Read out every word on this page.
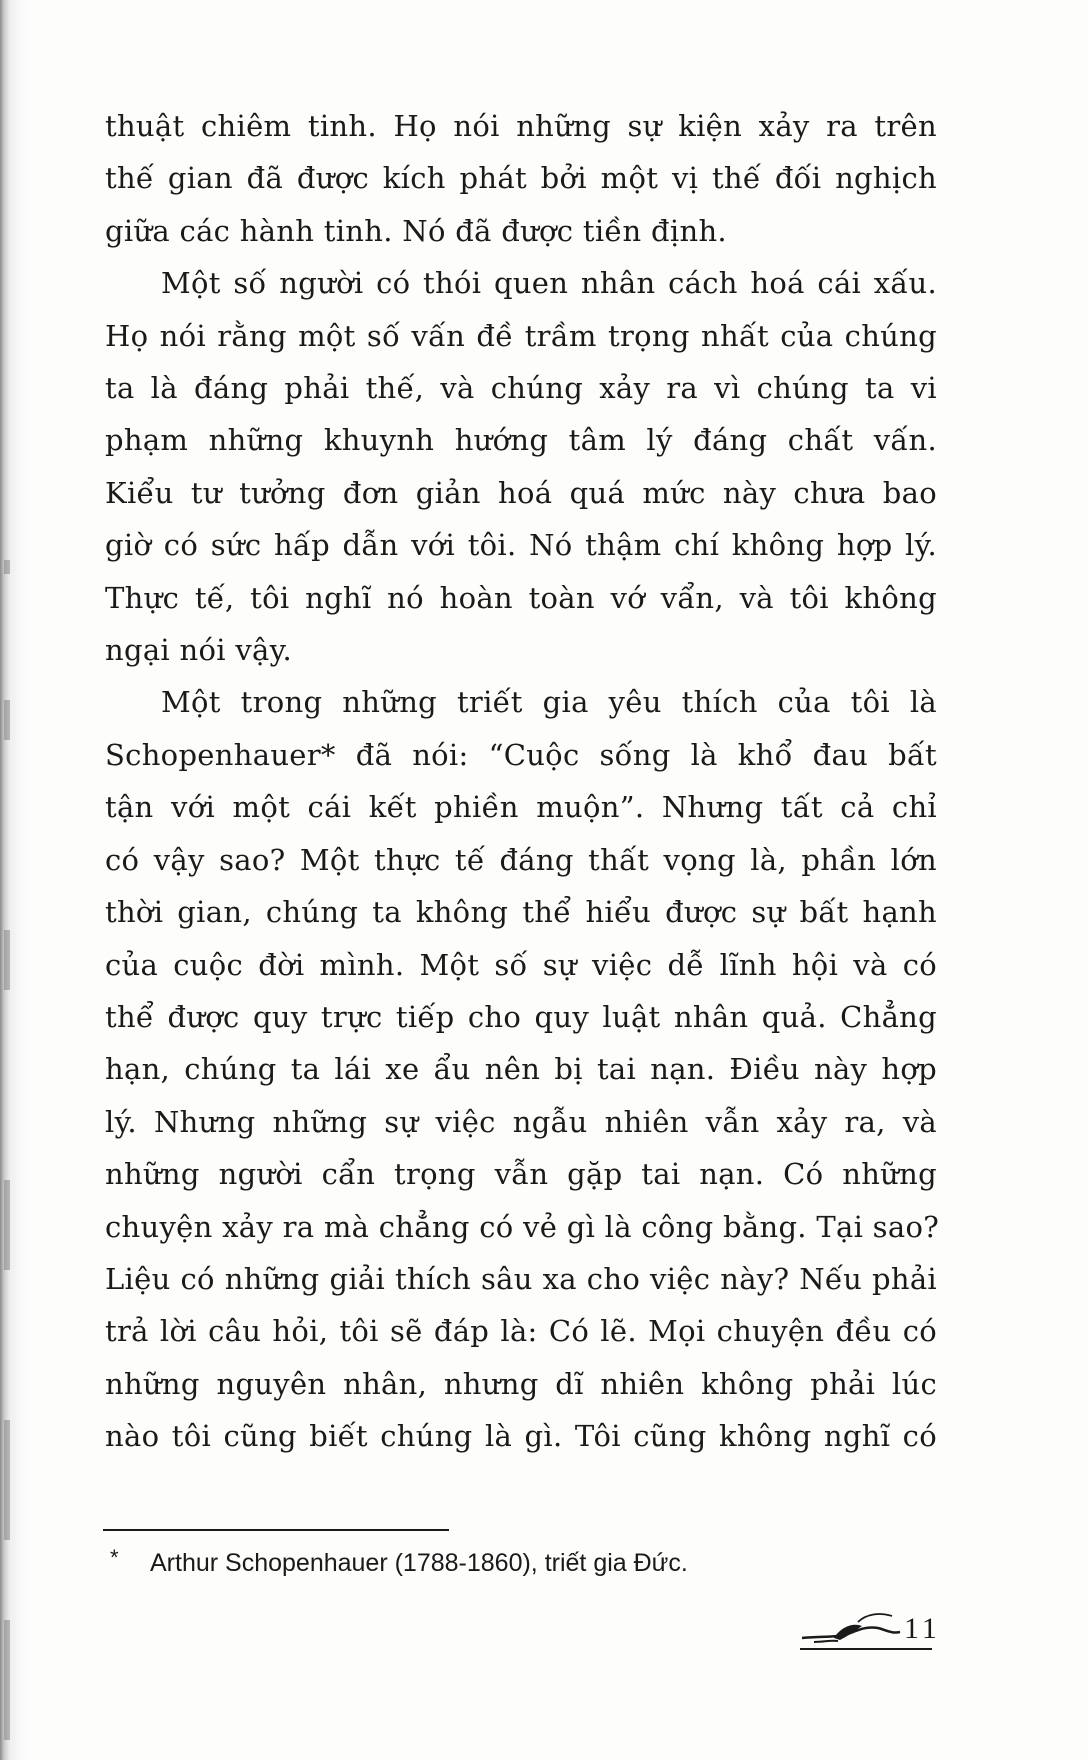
thuật chiêm tinh. Họ nói những sự kiện xảy ra trên
thế gian đã được kích phát bởi một vị thế đối nghịch
giữa các hành tinh. Nó đã được tiền định.
Một số người có thói quen nhân cách hoá cái xấu.
Họ nói rằng một số vấn đề trầm trọng nhất của chúng
ta là đáng phải thế, và chúng xảy ra vì chúng ta vi
phạm những khuynh hướng tâm lý đáng chất vấn.
Kiểu tư tưởng đơn giản hoá quá mức này chưa bao
giờ có sức hấp dẫn với tôi. Nó thậm chí không hợp lý.
Thực tế, tôi nghĩ nó hoàn toàn vớ vẩn, và tôi không
ngại nói vậy.
Một trong những triết gia yêu thích của tôi là
Schopenhauer* đã nói: “Cuộc sống là khổ đau bất
tận với một cái kết phiền muộn”. Nhưng tất cả chỉ
có vậy sao? Một thực tế đáng thất vọng là, phần lớn
thời gian, chúng ta không thể hiểu được sự bất hạnh
của cuộc đời mình. Một số sự việc dễ lĩnh hội và có
thể được quy trực tiếp cho quy luật nhân quả. Chẳng
hạn, chúng ta lái xe ẩu nên bị tai nạn. Điều này hợp
lý. Nhưng những sự việc ngẫu nhiên vẫn xảy ra, và
những người cẩn trọng vẫn gặp tai nạn. Có những
chuyện xảy ra mà chẳng có vẻ gì là công bằng. Tại sao?
Liệu có những giải thích sâu xa cho việc này? Nếu phải
trả lời câu hỏi, tôi sẽ đáp là: Có lẽ. Mọi chuyện đều có
những nguyên nhân, nhưng dĩ nhiên không phải lúc
nào tôi cũng biết chúng là gì. Tôi cũng không nghĩ có
* Arthur Schopenhauer (1788-1860), triết gia Đức.
11
